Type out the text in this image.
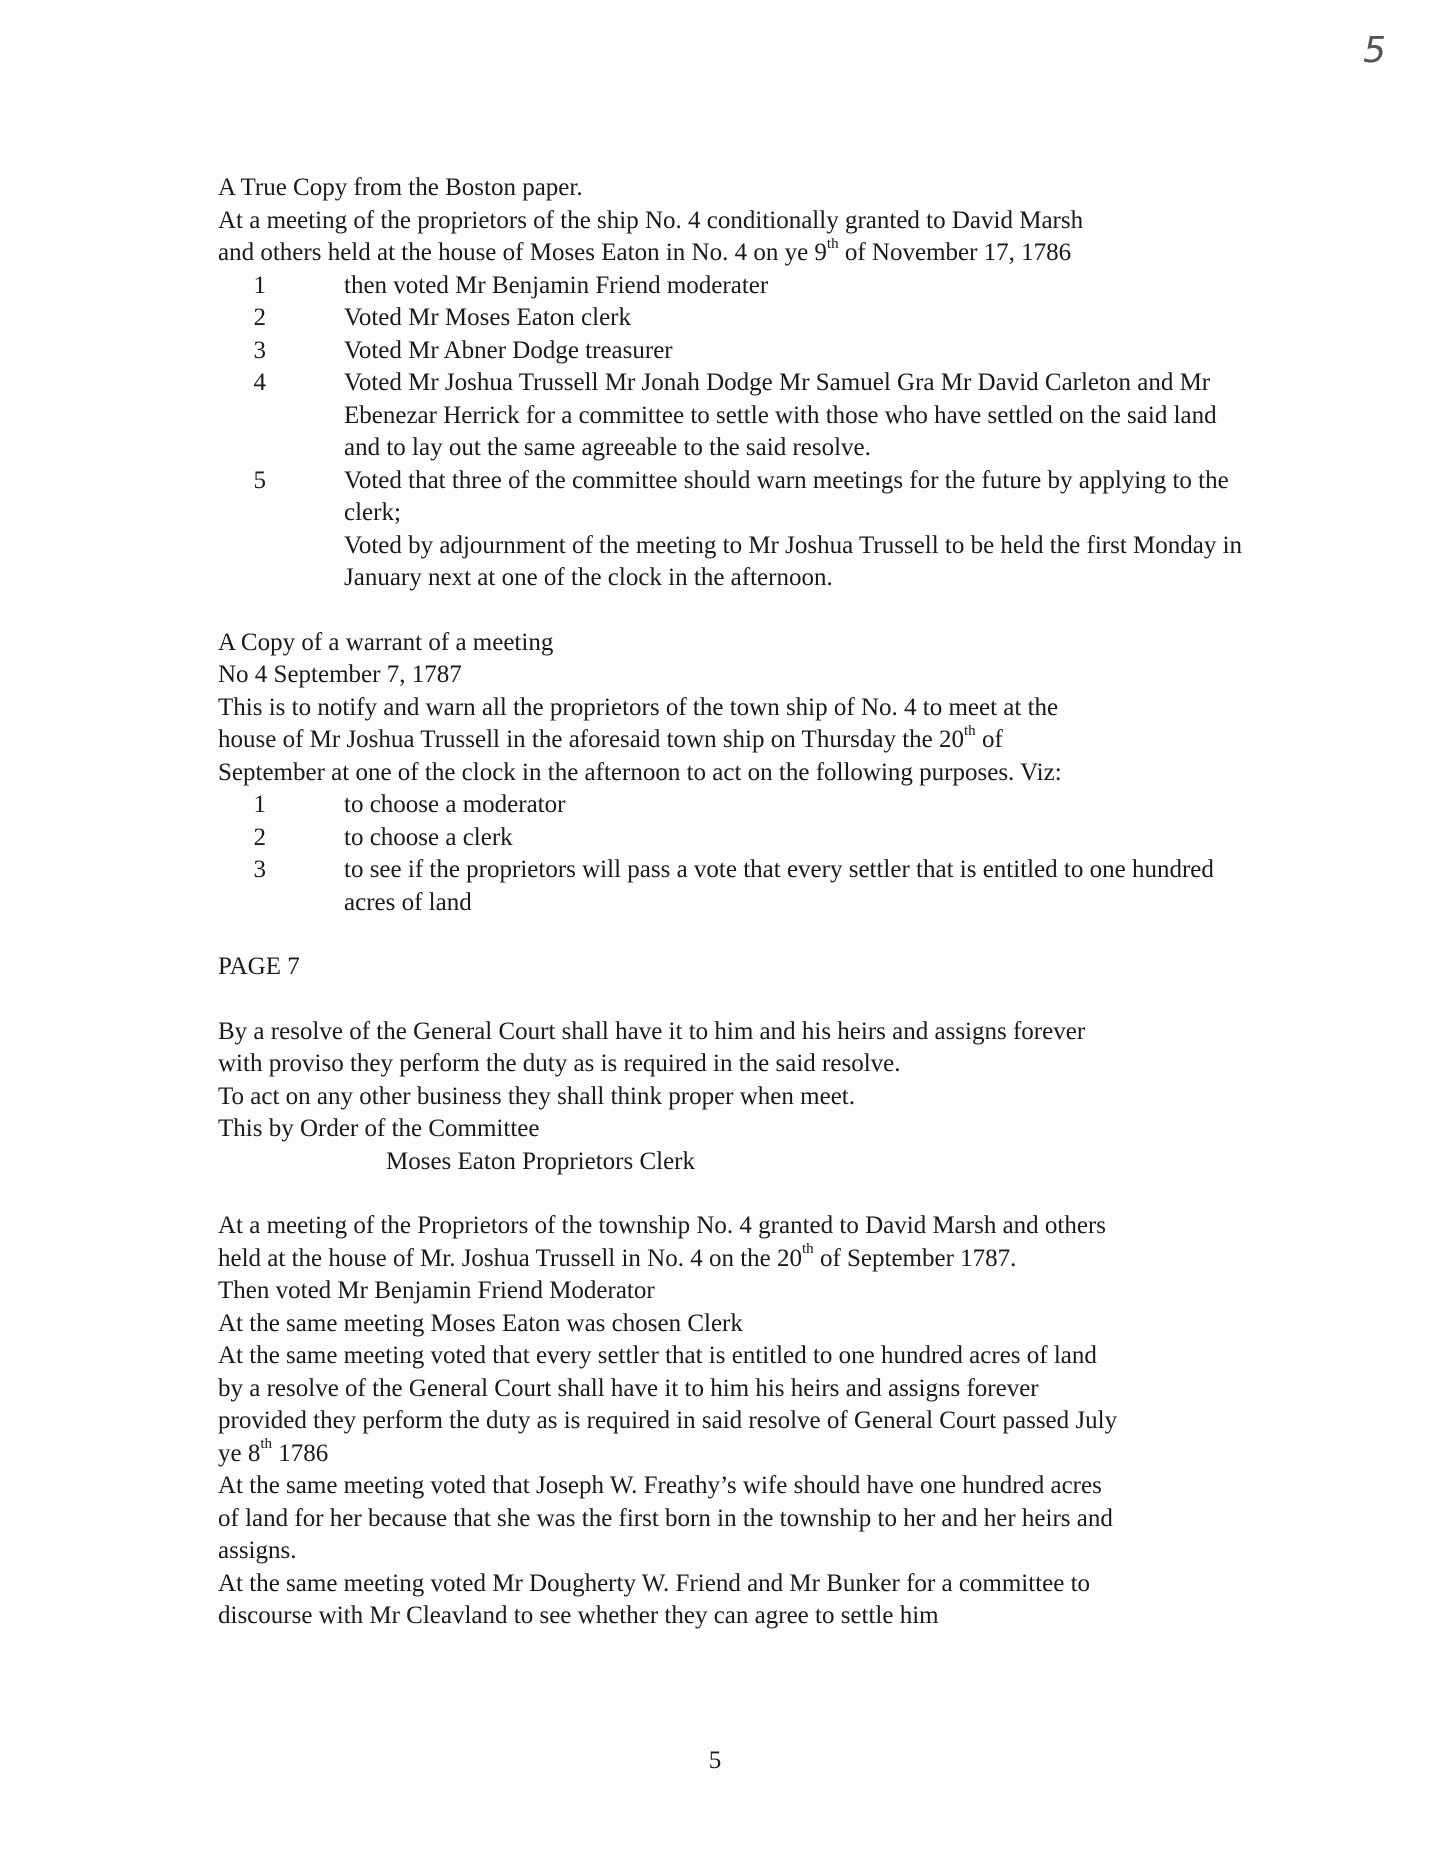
5
A True Copy from the Boston paper.
At a meeting of the proprietors of the ship No. 4 conditionally granted to David Marsh
and others held at the house of Moses Eaton in No. 4 on ye 9th of November 17, 1786
1	then voted Mr Benjamin Friend moderater
2	Voted Mr Moses Eaton clerk
3	Voted Mr Abner Dodge treasurer
4	Voted Mr Joshua Trussell Mr Jonah Dodge Mr Samuel Gra Mr David Carleton and Mr Ebenezar Herrick for a committee to settle with those who have settled on the said land and to lay out the same agreeable to the said resolve.
5	Voted that three of the committee should warn meetings for the future by applying to the clerk;
Voted by adjournment of the meeting to Mr Joshua Trussell to be held the first Monday in January next at one of the clock in the afternoon.
A Copy of a warrant of a meeting
No 4 September 7, 1787
This is to notify and warn all the proprietors of the town ship of No. 4 to meet at the
house of Mr Joshua Trussell in the aforesaid town ship on Thursday the 20th of
September at one of the clock in the afternoon to act on the following purposes. Viz:
1	to choose a moderator
2	to choose a clerk
3	to see if the proprietors will pass a vote that every settler that is entitled to one hundred acres of land
PAGE 7
By a resolve of the General Court shall have it to him and his heirs and assigns forever
with proviso they perform the duty as is required in the said resolve.
To act on any other business they shall think proper when meet.
This by Order of the Committee
Moses Eaton Proprietors Clerk
At a meeting of the Proprietors of the township No. 4 granted to David Marsh and others
held at the house of Mr. Joshua Trussell in No. 4 on the 20th of September 1787.
Then voted Mr Benjamin Friend Moderator
At the same meeting Moses Eaton was chosen Clerk
At the same meeting voted that every settler that is entitled to one hundred acres of land
by a resolve of the General Court shall have it to him his heirs and assigns forever
provided they perform the duty as is required in said resolve of General Court passed July
ye 8th 1786
At the same meeting voted that Joseph W. Freathy’s wife should have one hundred acres
of land for her because that she was the first born in the township to her and her heirs and
assigns.
At the same meeting voted Mr Dougherty W. Friend and Mr Bunker for a committee to
discourse with Mr Cleavland to see whether they can agree to settle him
5
